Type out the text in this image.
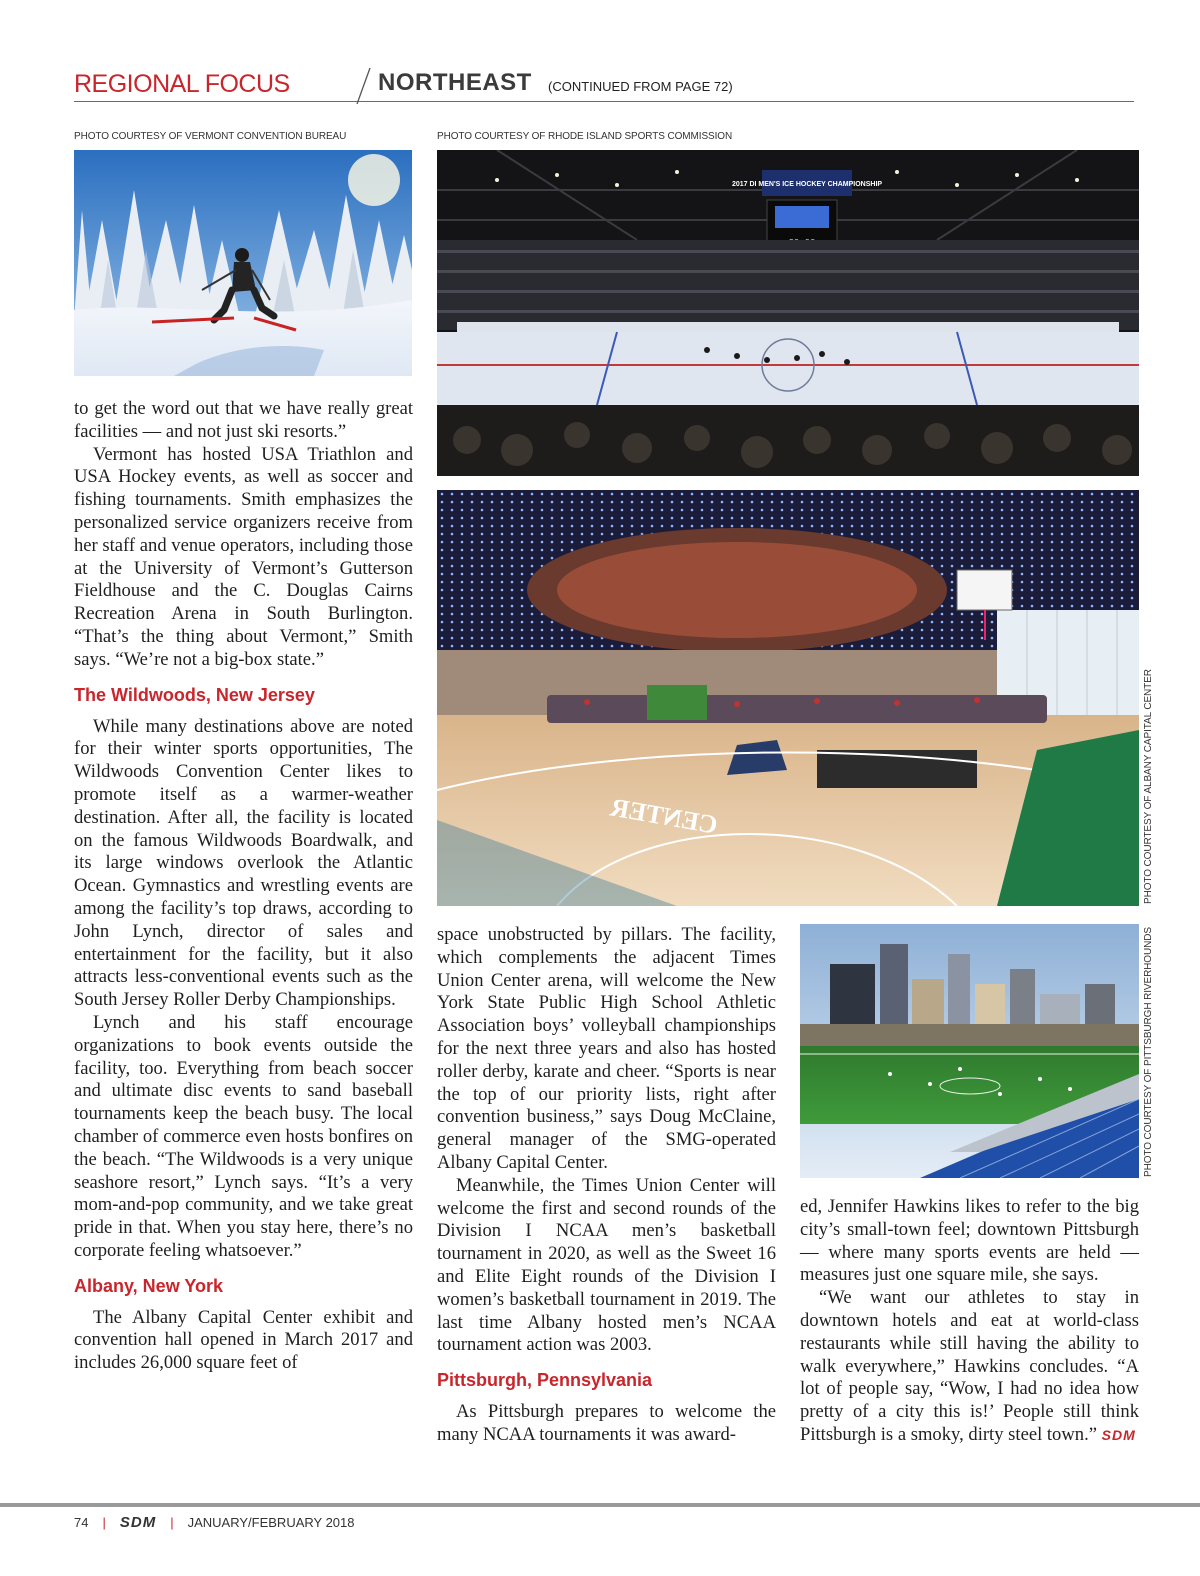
REGIONAL FOCUS	NORTHEAST (CONTINUED FROM PAGE 72)
PHOTO COURTESY OF VERMONT CONVENTION BUREAU	PHOTO COURTESY OF RHODE ISLAND SPORTS COMMISSION
PHOTO COURTESY OF ALBANY CAPITAL CENTER
PHOTO COURTESY OF PITTSBURGH RIVERHOUNDS
2017 DI MEN'S ICE HOCKEY CHAMPIONSHIP
CENTER

to get the word out that we have really great facilities — and not just ski resorts.”

Vermont has hosted USA Triathlon and USA Hockey events, as well as soccer and fishing tournaments. Smith emphasizes the personalized service organizers receive from her staff and venue operators, including those at the University of Vermont’s Gutterson Fieldhouse and the C. Douglas Cairns Recreation Arena in South Burlington. “That’s the thing about Vermont,” Smith says. “We’re not a big-box state.”

The Wildwoods, New Jersey

While many destinations above are noted for their winter sports opportunities, The Wildwoods Convention Center likes to promote itself as a warmer-weather destination. After all, the facility is located on the famous Wildwoods Boardwalk, and its large windows overlook the Atlantic Ocean. Gymnastics and wrestling events are among the facility’s top draws, according to John Lynch, director of sales and entertainment for the facility, but it also attracts less-conventional events such as the South Jersey Roller Derby Championships.

Lynch and his staff encourage organizations to book events outside the facility, too. Everything from beach soccer and ultimate disc events to sand baseball tournaments keep the beach busy. The local chamber of commerce even hosts bonfires on the beach. “The Wildwoods is a very unique seashore resort,” Lynch says. “It’s a very mom-and-pop community, and we take great pride in that. When you stay here, there’s no corporate feeling whatsoever.”

Albany, New York

The Albany Capital Center exhibit and convention hall opened in March 2017 and includes 26,000 square feet of

space unobstructed by pillars. The facility, which complements the adjacent Times Union Center arena, will welcome the New York State Public High School Athletic Association boys’ volleyball championships for the next three years and also has hosted roller derby, karate and cheer. “Sports is near the top of our priority lists, right after convention business,” says Doug McClaine, general manager of the SMG-operated Albany Capital Center.

Meanwhile, the Times Union Center will welcome the first and second rounds of the Division I NCAA men’s basketball tournament in 2020, as well as the Sweet 16 and Elite Eight rounds of the Division I women’s basketball tournament in 2019. The last time Albany hosted men’s NCAA tournament action was 2003.

Pittsburgh, Pennsylvania

As Pittsburgh prepares to welcome the many NCAA tournaments it was award-

ed, Jennifer Hawkins likes to refer to the big city’s small-town feel; downtown Pittsburgh — where many sports events are held — measures just one square mile, she says.

“We want our athletes to stay in downtown hotels and eat at world-class restaurants while still having the ability to walk everywhere,” Hawkins concludes. “A lot of people say, “Wow, I had no idea how pretty of a city this is!’ People still think Pittsburgh is a smoky, dirty steel town.” SDM

74 | SDM | JANUARY/FEBRUARY 2018
